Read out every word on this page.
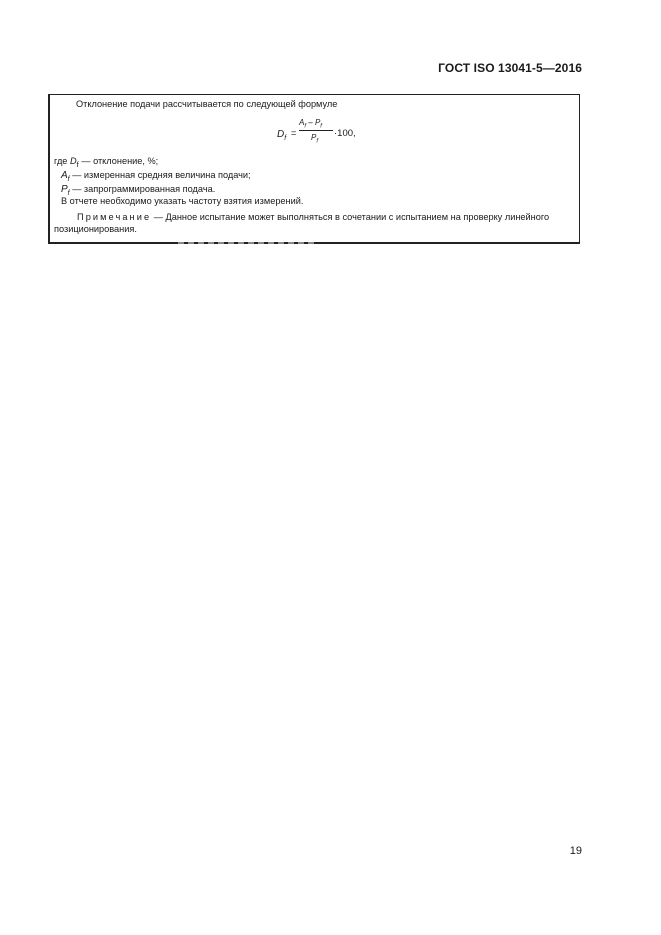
ГОСТ ISO 13041-5—2016
Отклонение подачи рассчитывается по следующей формуле
$D_f$
=
$A_f - P_f$
$P_f$
·100,
где $D_f$ — отклонение, %;
$A_f$ — измеренная средняя величина подачи;
$P_f$ — запрограммированная подача.
В отчете необходимо указать частоту взятия измерений.
Примечание — Данное испытание может выполняться в сочетании с испытанием на проверку линейного позиционирования.
19
